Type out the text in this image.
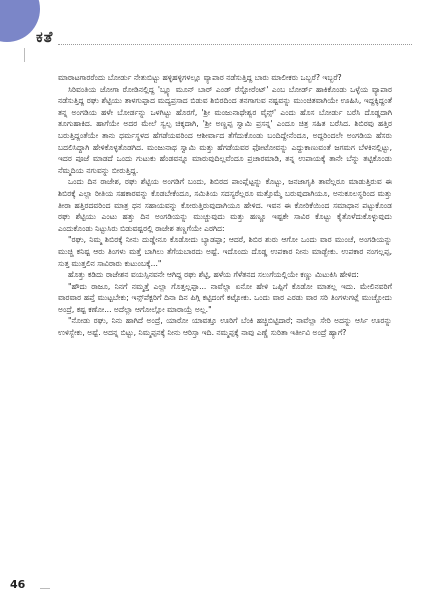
ಕತೆ

ಮಾರಾಟಗಾರರೆಂದು ಬೋರ್ಡು ನೇತುಬಿಟ್ಟು ಹಳ್ಳಿಹಳ್ಳಿಗಳಲ್ಲೂ ವ್ಯಾಪಾರ ನಡೆಸುತ್ತಿದ್ದ ಬಾರು ಮಾಲೀಕರು ಒಬ್ಬರೆ? ಇಬ್ಬರೆ?

ಸಿರಿವಂತಿಯ ಜೋಗಾ ರೋಡಿನಲ್ಲಿದ್ದ 'ಬ್ಲ್ಯೂ ಮೂನ್ ಬಾರ್ ಎಂಡ್ ರೆಸ್ಟೋರೆಂಟ್' ಎಂಬ ಬೋರ್ಡ್ ಹಾಕಿಕೊಂಡು ಒಳ್ಳೆಯ ವ್ಯಾಪಾರ ನಡೆಸುತ್ತಿದ್ದ ರಘು ಶೆಟ್ಟಿಯು ತಾಳಗುಪ್ಪಾದ ಮದ್ಯಪ್ರಸಾದ ಬಿಡುವ ಶಿಬಿರದಿಂದ ತನಗಾಗುವ ನಷ್ಟವನ್ನು ಮುಂಚಿತವಾಗಿಯೇ ಊಹಿಸಿ, ಇದ್ದಕ್ಕಿದ್ದಂತೆ ತನ್ನ ಅಂಗಡಿಯ ಹಳೇ ಬೋರ್ಡನ್ನು ಒಳಗಿಟ್ಟು ಹೊರಗೆ, 'ಶ್ರೀ ಮಂಜುನಾಥೇಶ್ವರ ವೈನ್ಸ್' ಎಂದು ಹೊಸ ಬೋರ್ಡು ಬರೆಸಿ ದೊಡ್ಡದಾಗಿ ತೂಗುಹಾಕಿದ. ಹಾಗೆಯೇ ಅದರ ಮೇಲೆ ಸ್ವಲ್ಪ ಚಿಕ್ಕದಾಗಿ, 'ಶ್ರೀ ಅಣ್ಣಪ್ಪ ಸ್ವಾಮಿ ಪ್ರಸನ್ನ' ಎಂದೂ ಚಿತ್ರ ಸಹಿತ ಬರೆಸಿದ. ಶಿಬಿರವು ಹತ್ತಿರ ಬರುತ್ತಿದ್ದಂತೆಯೇ ತಾನು ಧರ್ಮಸ್ಥಳದ ಹೆಗಡೆಯವರಿಂದ ಆಶೀರ್ವಾದ ತೆಗೆದುಕೊಂಡು ಬಂದಿದ್ದೇನೆಂದೂ, ಅದ್ದರಿಂದಲೇ ಅಂಗಡಿಯ ಹೆಸರು ಬದಲಿಸಿದ್ದಾಗಿ ಹೇಳಿಕೊಳ್ಳತೊಡಗಿದ. ಮಂಜುನಾಥ ಸ್ವಾಮಿ ಮತ್ತು ಹೆಗಡೆಯವರ ಫೋಟೋವನ್ನು ಎದ್ದುಕಾಣುವಂತೆ ಜಗಮಗ ಬೆಳಕಿನಲ್ಲಿಟ್ಟು, ಇದರ ಪೂಜೆ ಮಾಡದೆ ಒಂದು ಗುಟುಕು ಹೆಂಡವನ್ನೂ ಮಾರುವುದಿಲ್ಲವೆಂದೂ ಪ್ರಚಾರಮಾಡಿ, ತನ್ನ ಉಪಾಯಕ್ಕೆ ತಾನೇ ಬೆನ್ನು ತಟ್ಟಿಕೊಂಡು ನೆಮ್ಮದಿಯ ನಗುವನ್ನು ಬೀರುತ್ತಿದ್ದ.

ಒಂದು ದಿನ ರಾಜೇಶ, ರಘು ಶೆಟ್ಟಿಯ ಅಂಗಡಿಗೆ ಬಂದು, ಶಿಬಿರದ ಪಾಂಪ್ಲೆಟ್ಟನ್ನು ಕೊಟ್ಟು, ಜನಜಾಗೃತಿ ತಾವೆಲ್ಲರೂ ಮಾಡುತ್ತಿರುವ ಈ ಶಿಬಿರಕ್ಕೆ ಎಲ್ಲಾ ರೀತಿಯ ಸಹಕಾರವನ್ನು ಕೊಡಬೇಕೆಂದೂ, ಸಮಿತಿಯ ಸದಸ್ಯರೆಲ್ಲರೂ ಮತ್ತೊಮ್ಮೆ ಬರುವುದಾಗಿಯೂ, ಅನುಕೂಲಸ್ಥರಿಂದ ಮತ್ತು ತೀರಾ ಹತ್ತಿರದವರಿಂದ ಮಾತ್ರ ಧನ ಸಹಾಯವನ್ನು ಕೋರುತ್ತಿರುವುದಾಗಿಯೂ ಹೇಳಿದ. ಇವನ ಈ ಕೋರಿಕೆಯಿಂದ ಸಮಾಧಾನ ಪಟ್ಟುಕೊಂಡ ರಘು ಶೆಟ್ಟಿಯು ಎಂಟು ಹತ್ತು ದಿನ ಅಂಗಡಿಯನ್ನು ಮುಚ್ಚುವುದು ಮತ್ತು ಹಣ್ಣೂ ಇಷ್ಟಕೇ ಸಾವಿರ ಕೊಟ್ಟು ಕೈತೊಳೆದುಕೊಳ್ಳುವುದು ಎಂದುಕೊಂಡು ನಿಟ್ಟುಸಿರು ಬಿಡುವಷ್ಟರಲ್ಲಿ ರಾಜೇಶ ತಣ್ಣಗೆಯೇ ಎರಗಿದ:

"ರಘು, ನಿಮ್ಮ ಶಿಬಿರಕ್ಕೆ ನೀನು ದುಡ್ಡೇನೂ ಕೊಡೋದು ಬ್ಯಾಡಪ್ಪಾ; ಆದರೆ, ಶಿಬಿರ ಶುರು ಆಗೋ ಒಂದು ವಾರ ಮುಂಚೆ, ಅಂಗಡಿಯನ್ನು ಮುಚ್ಚಿ ಕನಿಷ್ಟ ಆರು ತಿಂಗಳು ಮತ್ತೆ ಬಾಗಿಲು ತೆಗೆಯಬಾರದು ಅಷ್ಟೆ. ಇದೊಂದು ದೊಡ್ಡ ಉಪಕಾರ ನೀನು ಮಾಡ್ಬೇಕು. ಉಪಕಾರ ನಂಗಲ್ಲಪ್ಪ, ಸುತ್ತ ಮುತ್ತಲಿನ ಸಾವಿರಾರು ಕುಟುಂಬಕ್ಕೆ..."

ಹೊತ್ತು ಕಡಿದು ರಾಜೇಶನ ವಯಸ್ಸಿನವನೇ ಆಗಿದ್ದ ರಘು ಶೆಟ್ಟಿ, ಹಳೆಯ ಗೆಳೆತನದ ಸಲುಗೆಯಲ್ಲಿಯೇ ಕಣ್ಣು ಮಿಟುಕಿಸಿ ಹೇಳಿದ:

"ಹೌದು ರಾಜೂ, ನಿನಗೆ ನಮ್ಮತ್ತೆ ಎಲ್ಲಾ ಗೊತ್ತಲ್ಲಪ್ಪಾ... ನಾವೆಲ್ಲಾ ಏನೋ ಹೇಳಿ ಒಪ್ಪಿಗೆ ಕೊಡೋ ಮಾತಲ್ಲ ಇದು. ಮೇಲಿನವರಿಗೆ ವಾರವಾರ ಹಪ್ತೆ ಮುಟ್ಟಬೇಕು; ಇನ್ಸ್‌ಪೆಕ್ಟರಿಗೆ ದಿನಾ ದಿನ ಪಿಗ್ಗಿ ಕಟ್ಟಿದಂಗೆ ಕಟ್ಟೋಕು. ಒಂದು ವಾರ ಎರಡು ವಾರ ಸರಿ ತಿಂಗಳುಗಟ್ಲೆ ಮುಚ್ಚೋದು ಅಂದ್ರೆ, ಕಷ್ಟ ಕಣೋ... ಅದೆಲ್ಲಾ ಆಗೋಲ್ಲೋ ಮಾರಾಯ್ರೆ ಅಲ್ಲ."

"ನೋಡು ರಘು, ನಿನು ಹಾಗಿದೆ ಅಂದ್ರೆ, ಯಾರೋ ಯಾವತ್ತೂ ಊರಿಗೆ ಬೆಂಕಿ ಹಚ್ಚಿಬಿಟ್ಟಿದಾರೆ; ನಾವೆಲ್ಲಾ ಸೇರಿ ಅದನ್ನು ಆರ್ಸಿ ಊರನ್ನು ಉಳಿಸ್ಬೇಕು, ಅಷ್ಟೆ. ಅದನ್ನ ಬಿಟ್ಟು, ನಿಮ್ಮಪ್ಪನಕ್ಕೆ ನೀನು ಆರಿಸ್ತಾ ಇದಿ. ನಮ್ಮಪ್ಪಕ್ಕೆ ನಾವು ಎಣ್ಣೆ ಸುರಿತಾ ಇರ್ತೀವಿ ಅಂದ್ರೆ ಹ್ಯಾಗೆ?

46
